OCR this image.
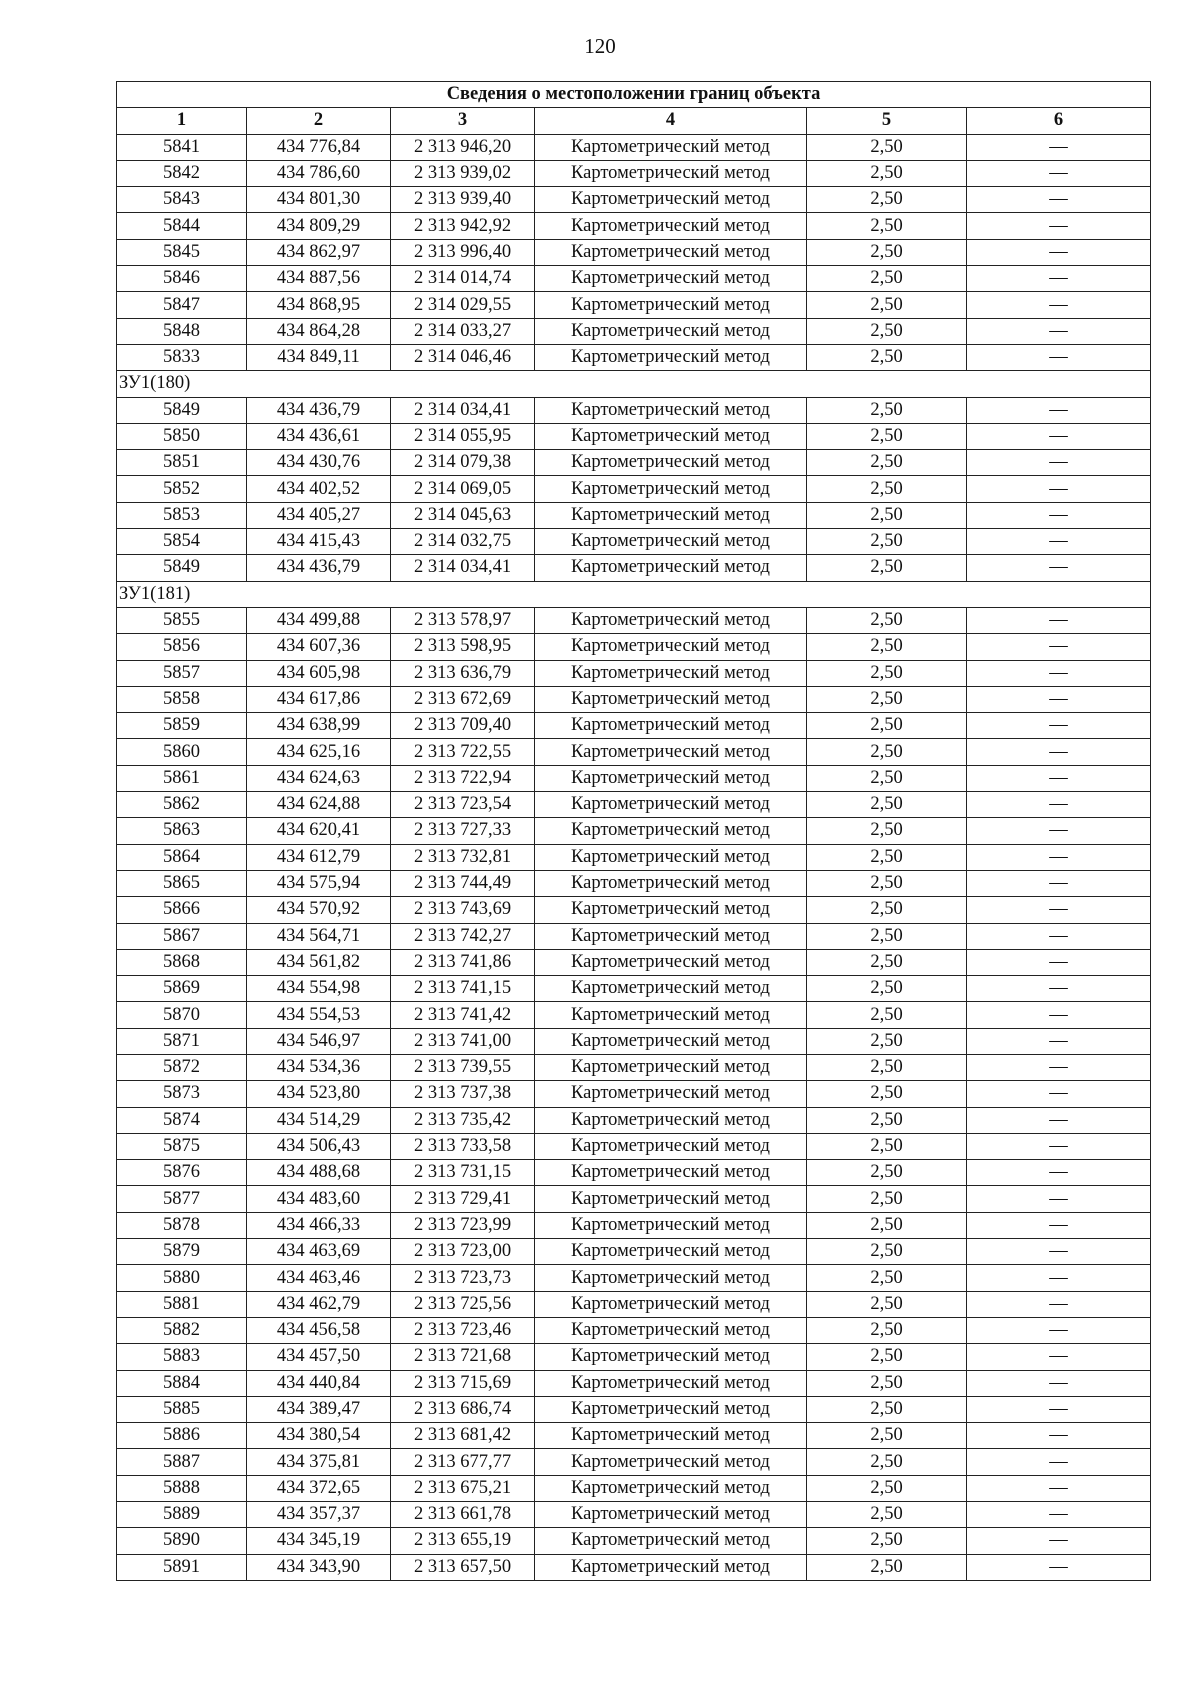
120
Сведения о местоположении границ объекта					
1	2	3	4	5	6
5841	434 776,84	2 313 946,20	Картометрический метод	2,50	—
5842	434 786,60	2 313 939,02	Картометрический метод	2,50	—
5843	434 801,30	2 313 939,40	Картометрический метод	2,50	—
5844	434 809,29	2 313 942,92	Картометрический метод	2,50	—
5845	434 862,97	2 313 996,40	Картометрический метод	2,50	—
5846	434 887,56	2 314 014,74	Картометрический метод	2,50	—
5847	434 868,95	2 314 029,55	Картометрический метод	2,50	—
5848	434 864,28	2 314 033,27	Картометрический метод	2,50	—
5833	434 849,11	2 314 046,46	Картометрический метод	2,50	—
ЗУ1(180)					
5849	434 436,79	2 314 034,41	Картометрический метод	2,50	—
5850	434 436,61	2 314 055,95	Картометрический метод	2,50	—
5851	434 430,76	2 314 079,38	Картометрический метод	2,50	—
5852	434 402,52	2 314 069,05	Картометрический метод	2,50	—
5853	434 405,27	2 314 045,63	Картометрический метод	2,50	—
5854	434 415,43	2 314 032,75	Картометрический метод	2,50	—
5849	434 436,79	2 314 034,41	Картометрический метод	2,50	—
ЗУ1(181)					
5855	434 499,88	2 313 578,97	Картометрический метод	2,50	—
5856	434 607,36	2 313 598,95	Картометрический метод	2,50	—
5857	434 605,98	2 313 636,79	Картометрический метод	2,50	—
5858	434 617,86	2 313 672,69	Картометрический метод	2,50	—
5859	434 638,99	2 313 709,40	Картометрический метод	2,50	—
5860	434 625,16	2 313 722,55	Картометрический метод	2,50	—
5861	434 624,63	2 313 722,94	Картометрический метод	2,50	—
5862	434 624,88	2 313 723,54	Картометрический метод	2,50	—
5863	434 620,41	2 313 727,33	Картометрический метод	2,50	—
5864	434 612,79	2 313 732,81	Картометрический метод	2,50	—
5865	434 575,94	2 313 744,49	Картометрический метод	2,50	—
5866	434 570,92	2 313 743,69	Картометрический метод	2,50	—
5867	434 564,71	2 313 742,27	Картометрический метод	2,50	—
5868	434 561,82	2 313 741,86	Картометрический метод	2,50	—
5869	434 554,98	2 313 741,15	Картометрический метод	2,50	—
5870	434 554,53	2 313 741,42	Картометрический метод	2,50	—
5871	434 546,97	2 313 741,00	Картометрический метод	2,50	—
5872	434 534,36	2 313 739,55	Картометрический метод	2,50	—
5873	434 523,80	2 313 737,38	Картометрический метод	2,50	—
5874	434 514,29	2 313 735,42	Картометрический метод	2,50	—
5875	434 506,43	2 313 733,58	Картометрический метод	2,50	—
5876	434 488,68	2 313 731,15	Картометрический метод	2,50	—
5877	434 483,60	2 313 729,41	Картометрический метод	2,50	—
5878	434 466,33	2 313 723,99	Картометрический метод	2,50	—
5879	434 463,69	2 313 723,00	Картометрический метод	2,50	—
5880	434 463,46	2 313 723,73	Картометрический метод	2,50	—
5881	434 462,79	2 313 725,56	Картометрический метод	2,50	—
5882	434 456,58	2 313 723,46	Картометрический метод	2,50	—
5883	434 457,50	2 313 721,68	Картометрический метод	2,50	—
5884	434 440,84	2 313 715,69	Картометрический метод	2,50	—
5885	434 389,47	2 313 686,74	Картометрический метод	2,50	—
5886	434 380,54	2 313 681,42	Картометрический метод	2,50	—
5887	434 375,81	2 313 677,77	Картометрический метод	2,50	—
5888	434 372,65	2 313 675,21	Картометрический метод	2,50	—
5889	434 357,37	2 313 661,78	Картометрический метод	2,50	—
5890	434 345,19	2 313 655,19	Картометрический метод	2,50	—
5891	434 343,90	2 313 657,50	Картометрический метод	2,50	—
